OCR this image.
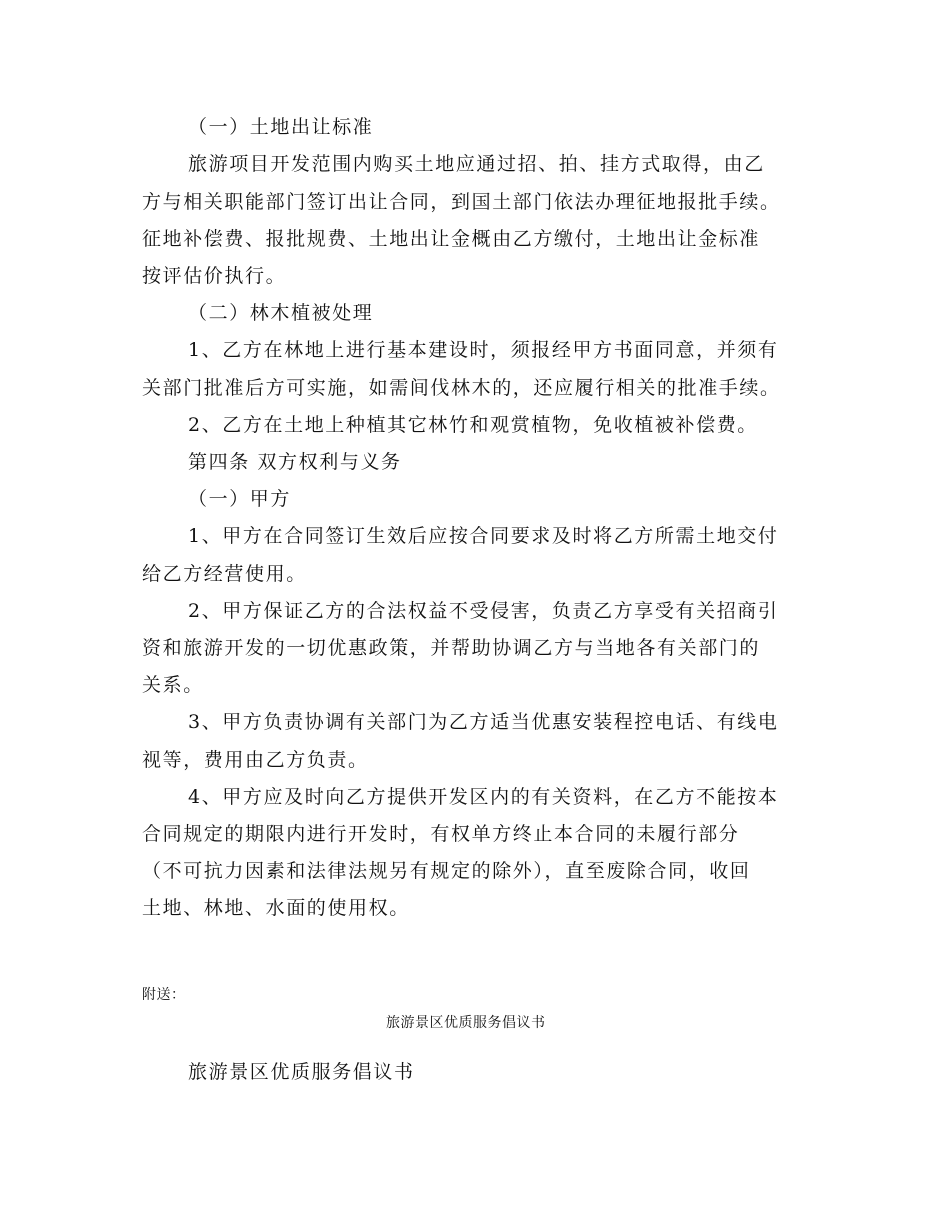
（一）土地出让标准
旅游项目开发范围内购买土地应通过招、拍、挂方式取得，由乙
方与相关职能部门签订出让合同，到国土部门依法办理征地报批手续。
征地补偿费、报批规费、土地出让金概由乙方缴付，土地出让金标准
按评估价执行。
（二）林木植被处理
1、乙方在林地上进行基本建设时，须报经甲方书面同意，并须有
关部门批准后方可实施，如需间伐林木的，还应履行相关的批准手续。
2、乙方在土地上种植其它林竹和观赏植物，免收植被补偿费。
第四条 双方权利与义务
（一）甲方
1、甲方在合同签订生效后应按合同要求及时将乙方所需土地交付
给乙方经营使用。
2、甲方保证乙方的合法权益不受侵害，负责乙方享受有关招商引
资和旅游开发的一切优惠政策，并帮助协调乙方与当地各有关部门的
关系。
3、甲方负责协调有关部门为乙方适当优惠安装程控电话、有线电
视等，费用由乙方负责。
4、甲方应及时向乙方提供开发区内的有关资料，在乙方不能按本
合同规定的期限内进行开发时，有权单方终止本合同的未履行部分
（不可抗力因素和法律法规另有规定的除外），直至废除合同，收回
土地、林地、水面的使用权。
附送：
旅游景区优质服务倡议书
旅游景区优质服务倡议书
